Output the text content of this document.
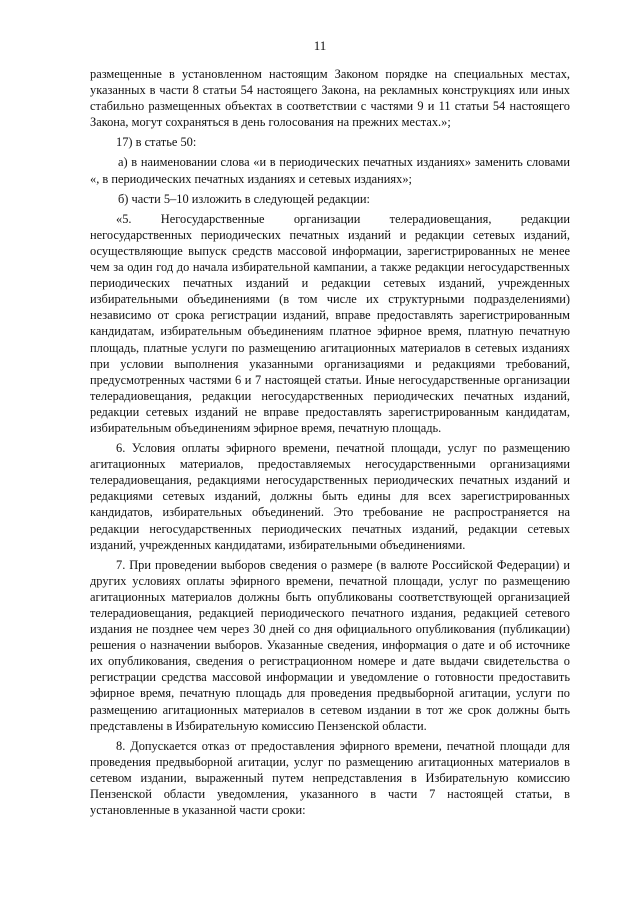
11

размещенные в установленном настоящим Законом порядке на специальных местах, указанных в части 8 статьи 54 настоящего Закона, на рекламных конструкциях или иных стабильно размещенных объектах в соответствии с частями 9 и 11 статьи 54 настоящего Закона, могут сохраняться в день голосования на прежних местах.»;

17) в статье 50:

а) в наименовании слова «и в периодических печатных изданиях» заменить словами «, в периодических печатных изданиях и сетевых изданиях»;

б) части 5–10 изложить в следующей редакции:

«5. Негосударственные организации телерадиовещания, редакции негосударственных периодических печатных изданий и редакции сетевых изданий, осуществляющие выпуск средств массовой информации, зарегистрированных не менее чем за один год до начала избирательной кампании, а также редакции негосударственных периодических печатных изданий и редакции сетевых изданий, учрежденных избирательными объединениями (в том числе их структурными подразделениями) независимо от срока регистрации изданий, вправе предоставлять зарегистрированным кандидатам, избирательным объединениям платное эфирное время, платную печатную площадь, платные услуги по размещению агитационных материалов в сетевых изданиях при условии выполнения указанными организациями и редакциями требований, предусмотренных частями 6 и 7 настоящей статьи. Иные негосударственные организации телерадиовещания, редакции негосударственных периодических печатных изданий, редакции сетевых изданий не вправе предоставлять зарегистрированным кандидатам, избирательным объединениям эфирное время, печатную площадь.

6. Условия оплаты эфирного времени, печатной площади, услуг по размещению агитационных материалов, предоставляемых негосударственными организациями телерадиовещания, редакциями негосударственных периодических печатных изданий и редакциями сетевых изданий, должны быть едины для всех зарегистрированных кандидатов, избирательных объединений. Это требование не распространяется на редакции негосударственных периодических печатных изданий, редакции сетевых изданий, учрежденных кандидатами, избирательными объединениями.

7. При проведении выборов сведения о размере (в валюте Российской Федерации) и других условиях оплаты эфирного времени, печатной площади, услуг по размещению агитационных материалов должны быть опубликованы соответствующей организацией телерадиовещания, редакцией периодического печатного издания, редакцией сетевого издания не позднее чем через 30 дней со дня официального опубликования (публикации) решения о назначении выборов. Указанные сведения, информация о дате и об источнике их опубликования, сведения о регистрационном номере и дате выдачи свидетельства о регистрации средства массовой информации и уведомление о готовности предоставить эфирное время, печатную площадь для проведения предвыборной агитации, услуги по размещению агитационных материалов в сетевом издании в тот же срок должны быть представлены в Избирательную комиссию Пензенской области.

8. Допускается отказ от предоставления эфирного времени, печатной площади для проведения предвыборной агитации, услуг по размещению агитационных материалов в сетевом издании, выраженный путем непредставления в Избирательную комиссию Пензенской области уведомления, указанного в части 7 настоящей статьи, в установленные в указанной части сроки:
